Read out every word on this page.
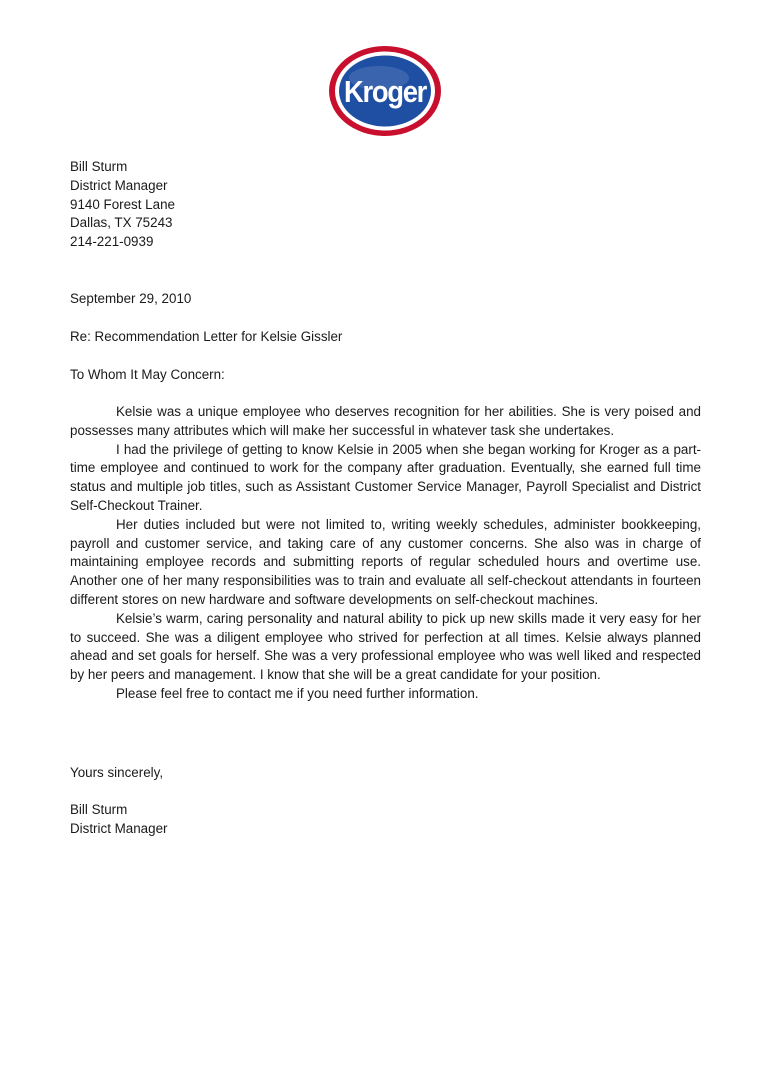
Kroger
Bill Sturm
District Manager
9140 Forest Lane
Dallas, TX 75243
214-221-0939
September 29, 2010
Re: Recommendation Letter for Kelsie Gissler
To Whom It May Concern:

Kelsie was a unique employee who deserves recognition for her abilities. She is very poised and possesses many attributes which will make her successful in whatever task she undertakes.

I had the privilege of getting to know Kelsie in 2005 when she began working for Kroger as a part-time employee and continued to work for the company after graduation. Eventually, she earned full time status and multiple job titles, such as Assistant Customer Service Manager, Payroll Specialist and District Self-Checkout Trainer.

Her duties included but were not limited to, writing weekly schedules, administer bookkeeping, payroll and customer service, and taking care of any customer concerns. She also was in charge of maintaining employee records and submitting reports of regular scheduled hours and overtime use. Another one of her many responsibilities was to train and evaluate all self-checkout attendants in fourteen different stores on new hardware and software developments on self-checkout machines.

Kelsie’s warm, caring personality and natural ability to pick up new skills made it very easy for her to succeed. She was a diligent employee who strived for perfection at all times. Kelsie always planned ahead and set goals for herself. She was a very professional employee who was well liked and respected by her peers and management. I know that she will be a great candidate for your position.

Please feel free to contact me if you need further information.

Yours sincerely,
Bill Sturm
District Manager
